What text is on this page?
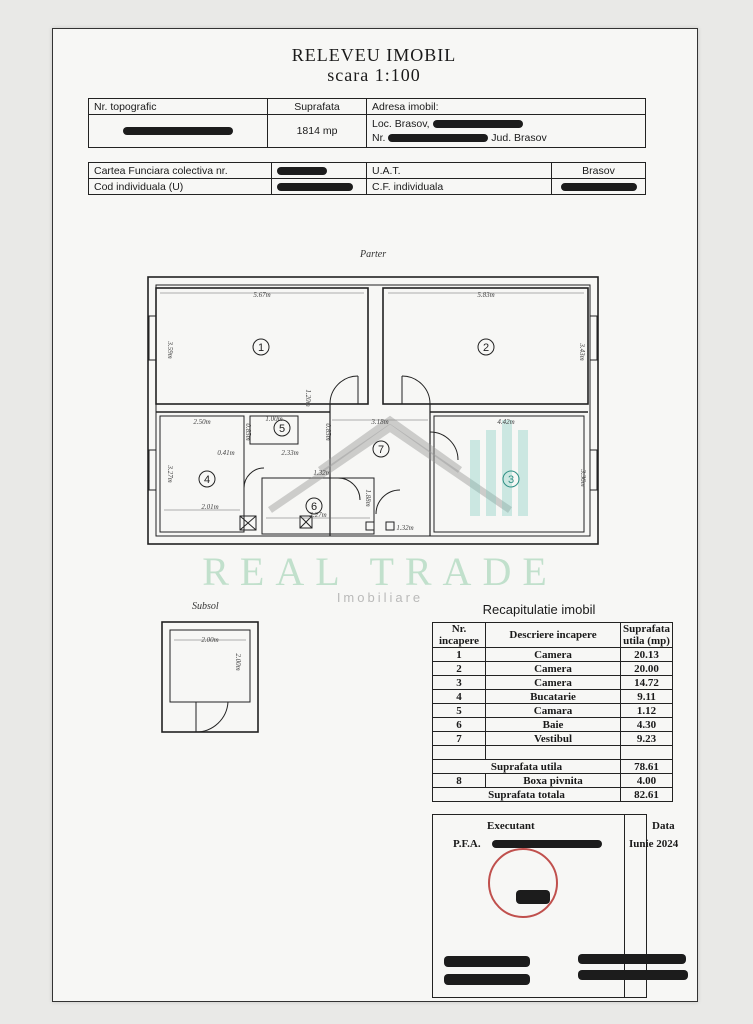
RELEVEU IMOBIL
scara 1:100
Nr. topografic	Suprafata	Adresa imobil:
	1814 mp	Loc. Brasov,
Nr. Jud. Brasov
Cartea Funciara colectiva nr.		U.A.T.	Brasov
Cod individuala (U)		C.F. individuala	
Parter
Subsol
1	2
3
4
5
6
7
5.67m	5.83m
3.18m	4.42m
2.50m	1.00m
0.41m	2.33m
1.32m
2.01m
2.27m
1.32m
2.00m
3.59m	3.43m
3.36m
3.27m
0.85m
1.20m
0.85m
1.88m
2.00m
REAL TRADE
Imobiliare
Recapitulatie imobil
Nr. incapere	Descriere incapere	Suprafata utila (mp)
1	Camera	20.13
2	Camera	20.00
3	Camera	14.72
4	Bucatarie	9.11
5	Camara	1.12
6	Baie	4.30
7	Vestibul	9.23

Suprafata utila		78.61
8	Boxa pivnita	4.00
Suprafata totala		82.61
Executant
P.F.A.
Data
Iunie 2024
